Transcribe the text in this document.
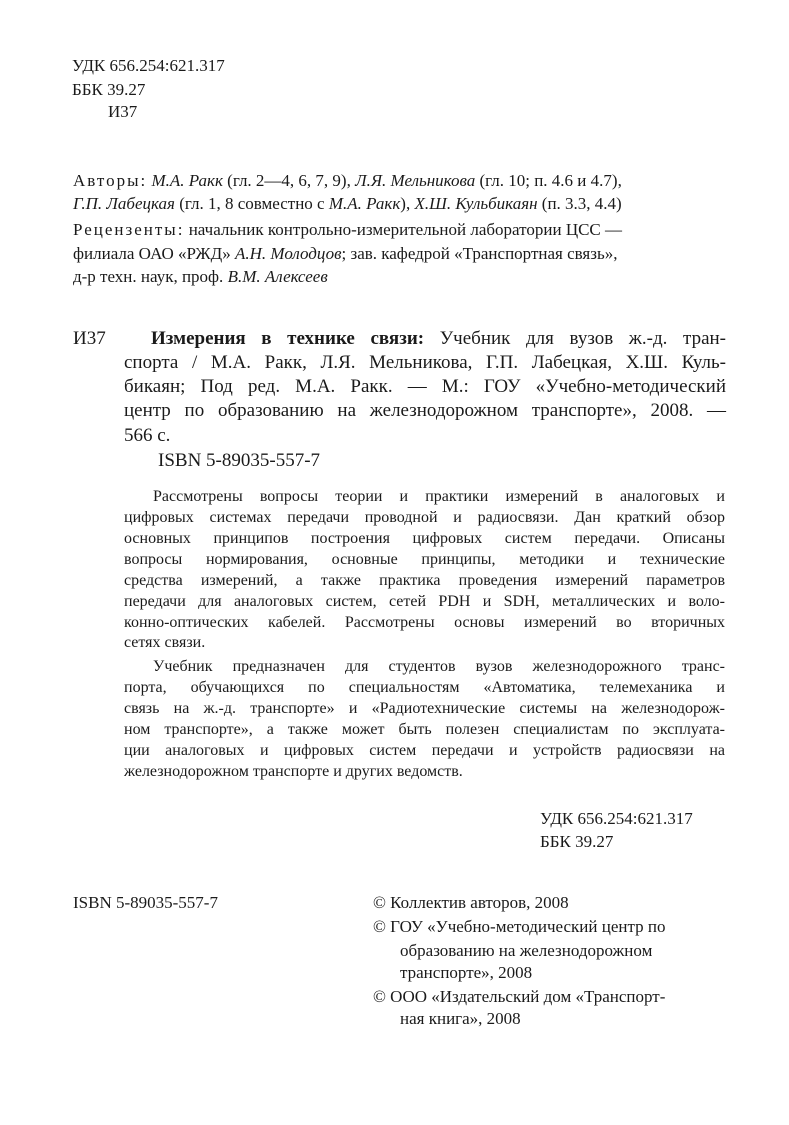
УДК 656.254:621.317
ББК 39.27
И37
Авторы: М.А. Ракк (гл. 2—4, 6, 7, 9), Л.Я. Мельникова (гл. 10; п. 4.6 и 4.7),
Г.П. Лабецкая (гл. 1, 8 совместно с М.А. Ракк), Х.Ш. Кульбикаян (п. 3.3, 4.4)
Рецензенты: начальник контрольно-измерительной лаборатории ЦСС —
филиала ОАО «РЖД» А.Н. Молодцов; зав. кафедрой «Транспортная связь»,
д-р техн. наук, проф. В.М. Алексеев
И37 Измерения в технике связи: Учебник для вузов ж.-д. тран-
спорта / М.А. Ракк, Л.Я. Мельникова, Г.П. Лабецкая, Х.Ш. Куль-
бикаян; Под ред. М.А. Ракк. — М.: ГОУ «Учебно-методический
центр по образованию на железнодорожном транспорте», 2008. —
566 с.
ISBN 5-89035-557-7
Рассмотрены вопросы теории и практики измерений в аналоговых и
цифровых системах передачи проводной и радиосвязи. Дан краткий обзор
основных принципов построения цифровых систем передачи. Описаны
вопросы нормирования, основные принципы, методики и технические
средства измерений, а также практика проведения измерений параметров
передачи для аналоговых систем, сетей PDH и SDH, металлических и воло-
конно-оптических кабелей. Рассмотрены основы измерений во вторичных
сетях связи.
Учебник предназначен для студентов вузов железнодорожного транс-
порта, обучающихся по специальностям «Автоматика, телемеханика и
связь на ж.-д. транспорте» и «Радиотехнические системы на железнодорож-
ном транспорте», а также может быть полезен специалистам по эксплуата-
ции аналоговых и цифровых систем передачи и устройств радиосвязи на
железнодорожном транспорте и других ведомств.
УДК 656.254:621.317
ББК 39.27
ISBN 5-89035-557-7	© Коллектив авторов, 2008
© ГОУ «Учебно-методический центр по
образованию на железнодорожном
транспорте», 2008
© ООО «Издательский дом «Транспорт-
ная книга», 2008
